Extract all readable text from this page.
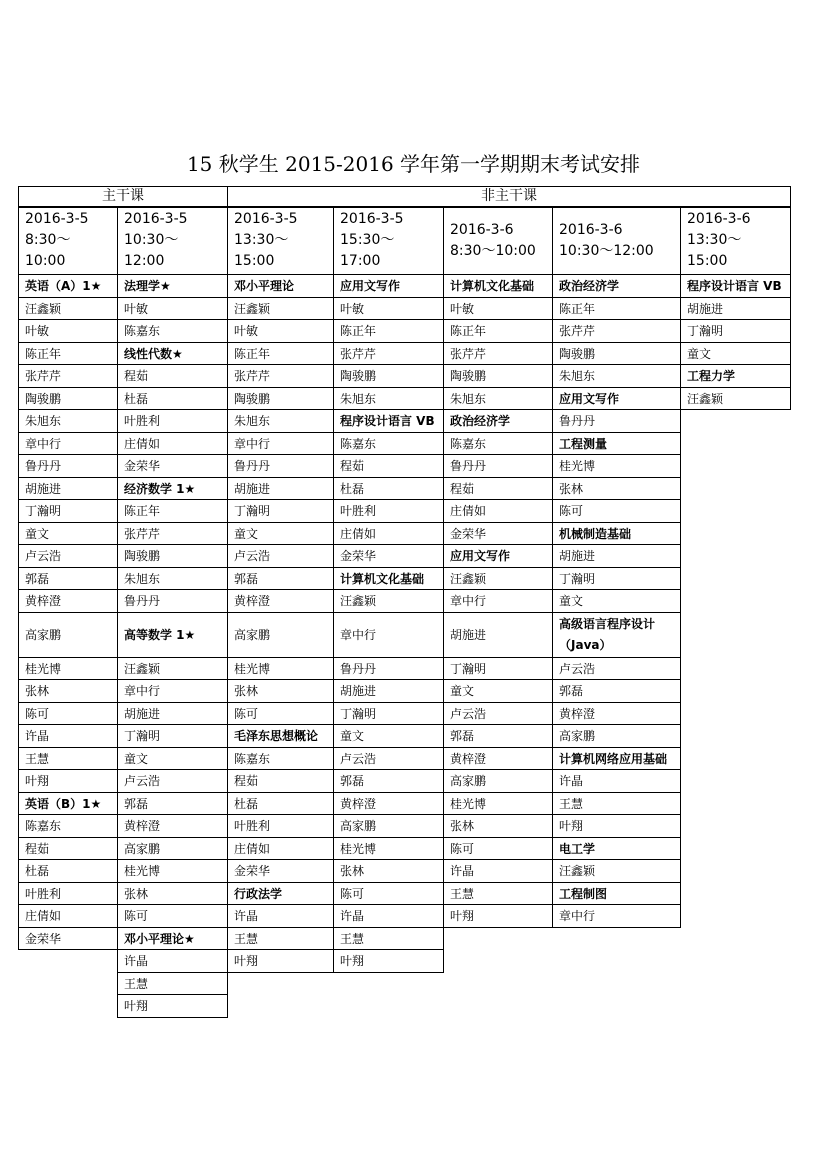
15 秋学生 2015-2016 学年第一学期期末考试安排
主干课	非主干课
2016-3-5
8:30～
10:00
英语（A）1★
汪鑫颖
叶敏
陈正年
张芹芹
陶骏鹏
朱旭东
章中行
鲁丹丹
胡施进
丁瀚明
童文
卢云浩
郭磊
黄梓澄
高家鹏
桂光博
张林
陈可
许晶
王慧
叶翔
英语（B）1★
陈嘉东
程茹
杜磊
叶胜利
庄倩如
金荣华
2016-3-5
10:30～
12:00
法理学★
叶敏
陈嘉东
线性代数★
程茹
杜磊
叶胜利
庄倩如
金荣华
经济数学 1★
陈正年
张芹芹
陶骏鹏
朱旭东
鲁丹丹
高等数学 1★
汪鑫颖
章中行
胡施进
丁瀚明
童文
卢云浩
郭磊
黄梓澄
高家鹏
桂光博
张林
陈可
邓小平理论★
许晶
王慧
叶翔
2016-3-5
13:30～
15:00
邓小平理论
汪鑫颖
叶敏
陈正年
张芹芹
陶骏鹏
朱旭东
章中行
鲁丹丹
胡施进
丁瀚明
童文
卢云浩
郭磊
黄梓澄
高家鹏
桂光博
张林
陈可
毛泽东思想概论
陈嘉东
程茹
杜磊
叶胜利
庄倩如
金荣华
行政法学
许晶
王慧
叶翔
2016-3-5
15:30～
17:00
应用文写作
叶敏
陈正年
张芹芹
陶骏鹏
朱旭东
程序设计语言 VB
陈嘉东
程茹
杜磊
叶胜利
庄倩如
金荣华
计算机文化基础
汪鑫颖
章中行
鲁丹丹
胡施进
丁瀚明
童文
卢云浩
郭磊
黄梓澄
高家鹏
桂光博
张林
陈可
许晶
王慧
叶翔
2016-3-6
8:30～10:00
计算机文化基础
叶敏
陈正年
张芹芹
陶骏鹏
朱旭东
政治经济学
陈嘉东
鲁丹丹
程茹
庄倩如
金荣华
应用文写作
汪鑫颖
章中行
胡施进
丁瀚明
童文
卢云浩
郭磊
黄梓澄
高家鹏
桂光博
张林
陈可
许晶
王慧
叶翔
2016-3-6
10:30～12:00
政治经济学
陈正年
张芹芹
陶骏鹏
朱旭东
应用文写作
鲁丹丹
工程测量
桂光博
张林
陈可
机械制造基础
胡施进
丁瀚明
童文
高级语言程序设计（Java）
卢云浩
郭磊
黄梓澄
高家鹏
计算机网络应用基础
许晶
王慧
叶翔
电工学
汪鑫颖
工程制图
章中行
2016-3-6
13:30～
15:00
程序设计语言 VB
胡施进
丁瀚明
童文
工程力学
汪鑫颖
